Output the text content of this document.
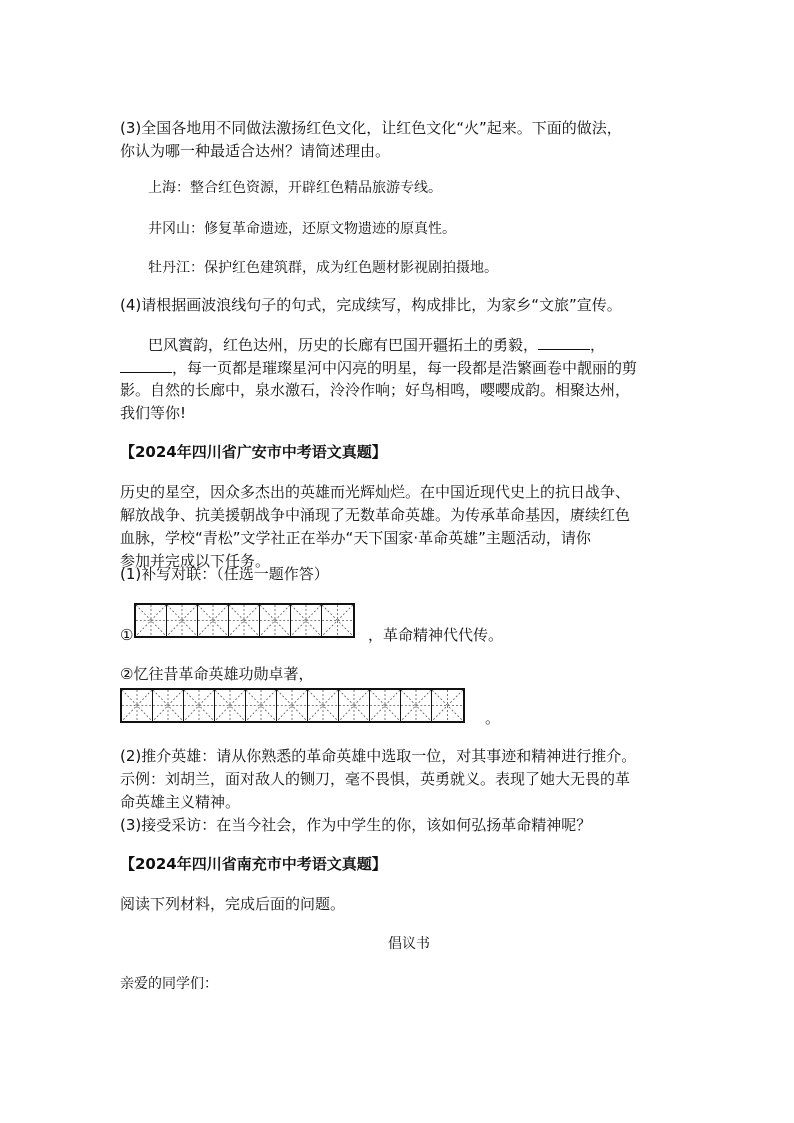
(3)全国各地用不同做法激扬红色文化，让红色文化“火”起来。下面的做法，
你认为哪一种最适合达州？请简述理由。
上海：整合红色资源，开辟红色精品旅游专线。
井冈山：修复革命遗迹，还原文物遗迹的原真性。
牡丹江：保护红色建筑群，成为红色题材影视剧拍摄地。
(4)请根据画波浪线句子的句式，完成续写，构成排比，为家乡“文旅”宣传。
巴风賨韵，红色达州，历史的长廊有巴国开疆拓土的勇毅，	，
，每一页都是璀璨星河中闪亮的明星，每一段都是浩繁画卷中靓丽的剪
影。自然的长廊中，泉水激石，泠泠作响；好鸟相鸣，嘤嘤成韵。相聚达州，
我们等你!
【2024年四川省广安市中考语文真题】
历史的星空，因众多杰出的英雄而光辉灿烂。在中国近现代史上的抗日战争、
解放战争、抗美援朝战争中涌现了无数革命英雄。为传承革命基因，赓续红色
血脉，学校“青松”文学社正在举办“天下国家·革命英雄”主题活动，请你
参加并完成以下任务。
(1)补写对联：（任选一题作答）
①	，革命精神代代传。
②忆往昔革命英雄功勋卓著，
。
(2)推介英雄：请从你熟悉的革命英雄中选取一位，对其事迹和精神进行推介。
示例：刘胡兰，面对敌人的铡刀，毫不畏惧，英勇就义。表现了她大无畏的革
命英雄主义精神。
(3)接受采访：在当今社会，作为中学生的你，该如何弘扬革命精神呢？
【2024年四川省南充市中考语文真题】
阅读下列材料，完成后面的问题。
倡议书
亲爱的同学们：
